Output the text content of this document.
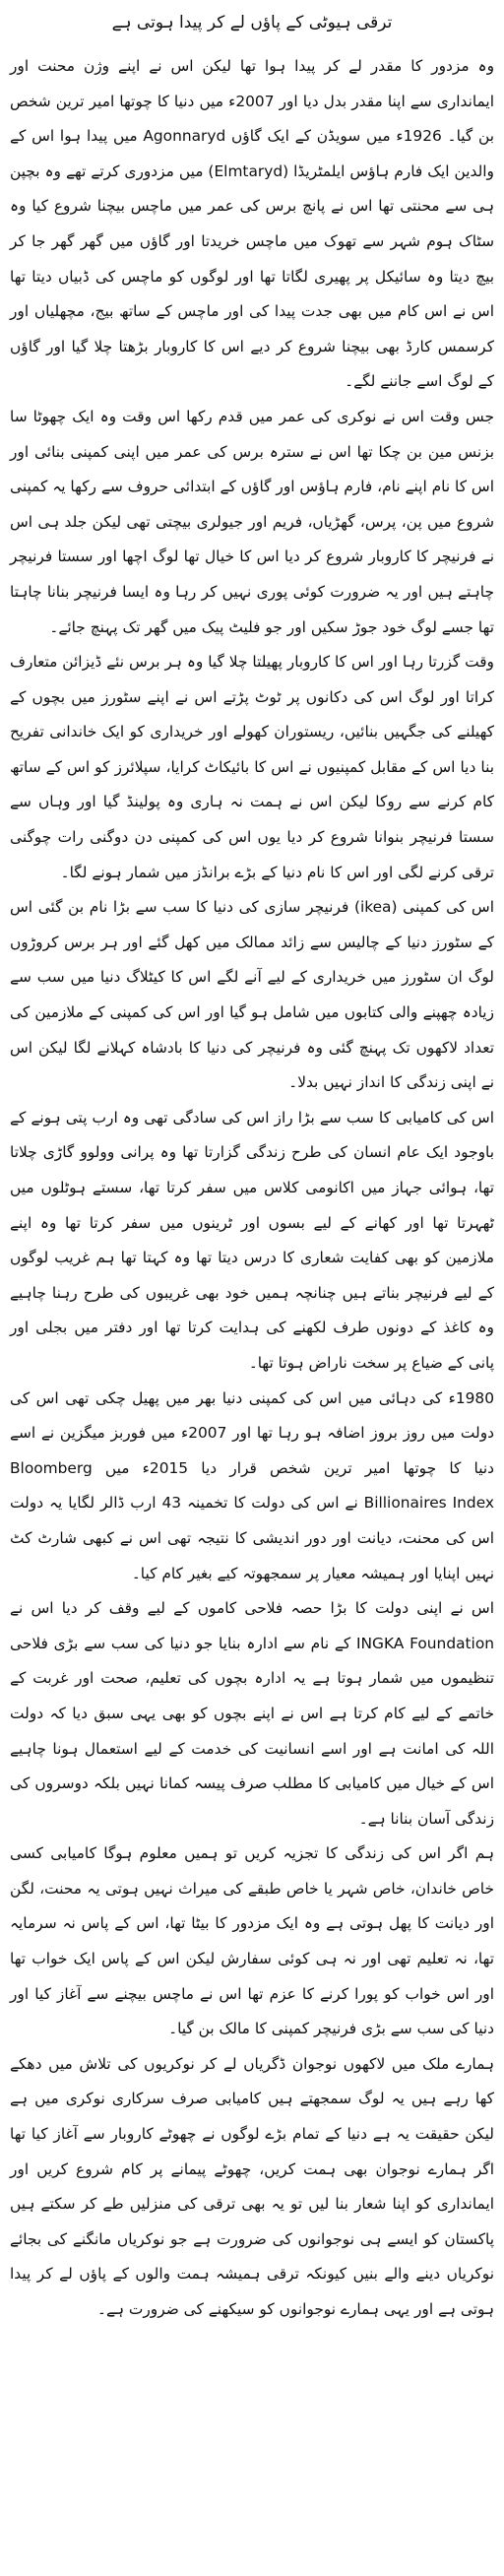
ترقی ہیوٹی کے پاؤں لے کر پیدا ہوتی ہے

وہ مزدور کا مقدر لے کر پیدا ہوا تھا لیکن اس نے اپنے وژن محنت اور ایمانداری سے اپنا مقدر بدل دیا اور 2007ء میں دنیا کا چوتھا امیر ترین شخص بن گیا۔ 1926ء میں سویڈن کے ایک گاؤں Agonnaryd میں پیدا ہوا اس کے والدین ایک فارم ہاؤس ایلمٹریڈا (Elmtaryd) میں مزدوری کرتے تھے وہ بچپن ہی سے محنتی تھا اس نے پانچ برس کی عمر میں ماچس بیچنا شروع کیا وہ سٹاک ہوم شہر سے تھوک میں ماچس خریدتا اور گاؤں میں گھر گھر جا کر بیچ دیتا وہ سائیکل پر پھیری لگاتا تھا اور لوگوں کو ماچس کی ڈبیاں دیتا تھا اس نے اس کام میں بھی جدت پیدا کی اور ماچس کے ساتھ بیج، مچھلیاں اور کرسمس کارڈ بھی بیچنا شروع کر دیے اس کا کاروبار بڑھتا چلا گیا اور گاؤں کے لوگ اسے جاننے لگے۔

جس وقت اس نے نوکری کی عمر میں قدم رکھا اس وقت وہ ایک چھوٹا سا بزنس مین بن چکا تھا اس نے سترہ برس کی عمر میں اپنی کمپنی بنائی اور اس کا نام اپنے نام، فارم ہاؤس اور گاؤں کے ابتدائی حروف سے رکھا یہ کمپنی شروع میں پن، پرس، گھڑیاں، فریم اور جیولری بیچتی تھی لیکن جلد ہی اس نے فرنیچر کا کاروبار شروع کر دیا اس کا خیال تھا لوگ اچھا اور سستا فرنیچر چاہتے ہیں اور یہ ضرورت کوئی پوری نہیں کر رہا وہ ایسا فرنیچر بنانا چاہتا تھا جسے لوگ خود جوڑ سکیں اور جو فلیٹ پیک میں گھر تک پہنچ جائے۔

وقت گزرتا رہا اور اس کا کاروبار پھیلتا چلا گیا وہ ہر برس نئے ڈیزائن متعارف کراتا اور لوگ اس کی دکانوں پر ٹوٹ پڑتے اس نے اپنے سٹورز میں بچوں کے کھیلنے کی جگہیں بنائیں، ریستوران کھولے اور خریداری کو ایک خاندانی تفریح بنا دیا اس کے مقابل کمپنیوں نے اس کا بائیکاٹ کرایا، سپلائرز کو اس کے ساتھ کام کرنے سے روکا لیکن اس نے ہمت نہ ہاری وہ پولینڈ گیا اور وہاں سے سستا فرنیچر بنوانا شروع کر دیا یوں اس کی کمپنی دن دوگنی رات چوگنی ترقی کرنے لگی اور اس کا نام دنیا کے بڑے برانڈز میں شمار ہونے لگا۔

اس کی کمپنی (ikea) فرنیچر سازی کی دنیا کا سب سے بڑا نام بن گئی اس کے سٹورز دنیا کے چالیس سے زائد ممالک میں کھل گئے اور ہر برس کروڑوں لوگ ان سٹورز میں خریداری کے لیے آنے لگے اس کا کیٹلاگ دنیا میں سب سے زیادہ چھپنے والی کتابوں میں شامل ہو گیا اور اس کی کمپنی کے ملازمین کی تعداد لاکھوں تک پہنچ گئی وہ فرنیچر کی دنیا کا بادشاہ کہلانے لگا لیکن اس نے اپنی زندگی کا انداز نہیں بدلا۔

اس کی کامیابی کا سب سے بڑا راز اس کی سادگی تھی وہ ارب پتی ہونے کے باوجود ایک عام انسان کی طرح زندگی گزارتا تھا وہ پرانی وولوو گاڑی چلاتا تھا، ہوائی جہاز میں اکانومی کلاس میں سفر کرتا تھا، سستے ہوٹلوں میں ٹھہرتا تھا اور کھانے کے لیے بسوں اور ٹرینوں میں سفر کرتا تھا وہ اپنے ملازمین کو بھی کفایت شعاری کا درس دیتا تھا وہ کہتا تھا ہم غریب لوگوں کے لیے فرنیچر بناتے ہیں چنانچہ ہمیں خود بھی غریبوں کی طرح رہنا چاہیے وہ کاغذ کے دونوں طرف لکھنے کی ہدایت کرتا تھا اور دفتر میں بجلی اور پانی کے ضیاع پر سخت ناراض ہوتا تھا۔

1980ء کی دہائی میں اس کی کمپنی دنیا بھر میں پھیل چکی تھی اس کی دولت میں روز بروز اضافہ ہو رہا تھا اور 2007ء میں فوربز میگزین نے اسے دنیا کا چوتھا امیر ترین شخص قرار دیا 2015ء میں Bloomberg Billionaires Index نے اس کی دولت کا تخمینہ 43 ارب ڈالر لگایا یہ دولت اس کی محنت، دیانت اور دور اندیشی کا نتیجہ تھی اس نے کبھی شارٹ کٹ نہیں اپنایا اور ہمیشہ معیار پر سمجھوتہ کیے بغیر کام کیا۔

اس نے اپنی دولت کا بڑا حصہ فلاحی کاموں کے لیے وقف کر دیا اس نے INGKA Foundation کے نام سے ادارہ بنایا جو دنیا کی سب سے بڑی فلاحی تنظیموں میں شمار ہوتا ہے یہ ادارہ بچوں کی تعلیم، صحت اور غربت کے خاتمے کے لیے کام کرتا ہے اس نے اپنے بچوں کو بھی یہی سبق دیا کہ دولت اللہ کی امانت ہے اور اسے انسانیت کی خدمت کے لیے استعمال ہونا چاہیے اس کے خیال میں کامیابی کا مطلب صرف پیسہ کمانا نہیں بلکہ دوسروں کی زندگی آسان بنانا ہے۔

ہم اگر اس کی زندگی کا تجزیہ کریں تو ہمیں معلوم ہوگا کامیابی کسی خاص خاندان، خاص شہر یا خاص طبقے کی میراث نہیں ہوتی یہ محنت، لگن اور دیانت کا پھل ہوتی ہے وہ ایک مزدور کا بیٹا تھا، اس کے پاس نہ سرمایہ تھا، نہ تعلیم تھی اور نہ ہی کوئی سفارش لیکن اس کے پاس ایک خواب تھا اور اس خواب کو پورا کرنے کا عزم تھا اس نے ماچس بیچنے سے آغاز کیا اور دنیا کی سب سے بڑی فرنیچر کمپنی کا مالک بن گیا۔

ہمارے ملک میں لاکھوں نوجوان ڈگریاں لے کر نوکریوں کی تلاش میں دھکے کھا رہے ہیں یہ لوگ سمجھتے ہیں کامیابی صرف سرکاری نوکری میں ہے لیکن حقیقت یہ ہے دنیا کے تمام بڑے لوگوں نے چھوٹے کاروبار سے آغاز کیا تھا اگر ہمارے نوجوان بھی ہمت کریں، چھوٹے پیمانے پر کام شروع کریں اور ایمانداری کو اپنا شعار بنا لیں تو یہ بھی ترقی کی منزلیں طے کر سکتے ہیں پاکستان کو ایسے ہی نوجوانوں کی ضرورت ہے جو نوکریاں مانگنے کی بجائے نوکریاں دینے والے بنیں کیونکہ ترقی ہمیشہ ہمت والوں کے پاؤں لے کر پیدا ہوتی ہے اور یہی ہمارے نوجوانوں کو سیکھنے کی ضرورت ہے۔
